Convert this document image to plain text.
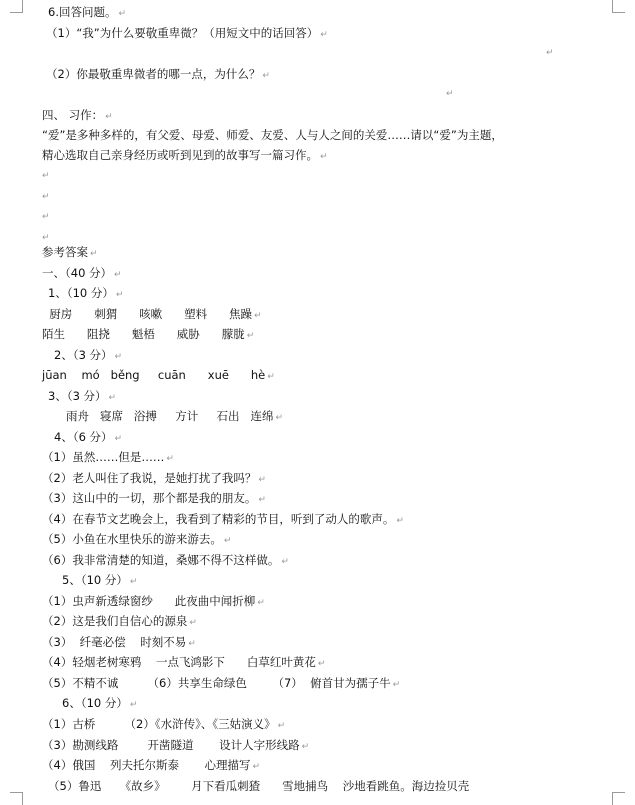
6.回答问题。 ↵
（1）“我”为什么要敬重卑微？（用短文中的话回答） ↵
↵
（2）你最敬重卑微者的哪一点，为什么？ ↵
↵
四、 习作： ↵
“爱”是多种多样的，有父爱、母爱、师爱、友爱、人与人之间的关爱……请以“爱”为主题，
精心选取自己亲身经历或听到见到的故事写一篇习作。 ↵
↵
↵
↵
↵
参考答案 ↵
一、（40 分） ↵
1、（10 分） ↵
厨房      刺猬      咳嗽      塑料      焦躁 ↵
陌生      阻挠      魁梧      威胁      朦胧 ↵
2、（3 分） ↵
jūan    mó   běng     cuān      xuē      hè ↵
3、（3 分） ↵
雨舟   寝席   浴搏     方计     石出   连绵 ↵
4、（6 分） ↵
（1）虽然……但是…… ↵
（2）老人叫住了我说，是她打扰了我吗？ ↵
（3）这山中的一切，那个都是我的朋友。 ↵
（4）在春节文艺晚会上，我看到了精彩的节目，听到了动人的歌声。 ↵
（5）小鱼在水里快乐的游来游去。 ↵
（6）我非常清楚的知道，桑娜不得不这样做。 ↵
5、（10 分） ↵
（1）虫声新透绿窗纱      此夜曲中闻折柳 ↵
（2）这是我们自信心的源泉 ↵
（3）  纤毫必偿    时刻不易 ↵
（4）轻烟老树寒鸦    一点飞鸿影下      白草红叶黄花 ↵
（5）不精不诚        （6）共享生命绿色       （7）  俯首甘为孺子牛 ↵
6、（10 分） ↵
（1）古桥        （2）《水浒传》、《三姑演义》 ↵
（3）勘测线路        开凿隧道       设计人字形线路 ↵
（4）俄国    列夫托尔斯泰       心理描写 ↵
（5）鲁迅     《故乡》       月下看瓜刺猹      雪地捕鸟    沙地看跳鱼。海边捡贝壳
